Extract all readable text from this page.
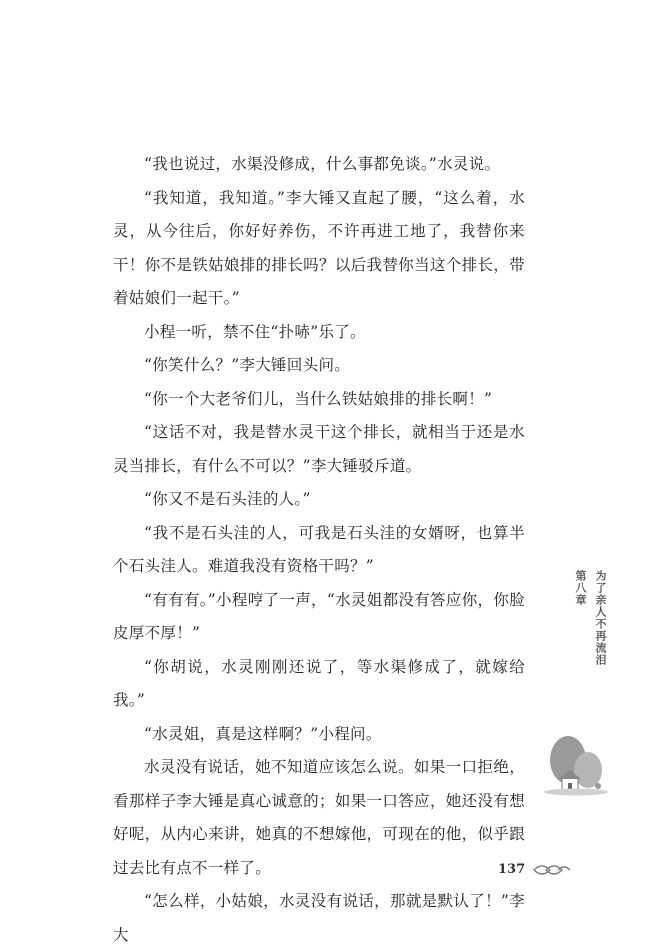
“我也说过，水渠没修成，什么事都免谈。”水灵说。

“我知道，我知道。”李大锤又直起了腰，“这么着，水灵，从今往后，你好好养伤，不许再进工地了，我替你来干！你不是铁姑娘排的排长吗？以后我替你当这个排长，带着姑娘们一起干。”

小程一听，禁不住“扑哧”乐了。

“你笑什么？”李大锤回头问。

“你一个大老爷们儿，当什么铁姑娘排的排长啊！”

“这话不对，我是替水灵干这个排长，就相当于还是水灵当排长，有什么不可以？”李大锤驳斥道。

“你又不是石头洼的人。”

“我不是石头洼的人，可我是石头洼的女婿呀，也算半个石头洼人。难道我没有资格干吗？”

“有有有。”小程哼了一声，“水灵姐都没有答应你，你脸皮厚不厚！”

“你胡说，水灵刚刚还说了，等水渠修成了，就嫁给我。”

“水灵姐，真是这样啊？”小程问。

水灵没有说话，她不知道应该怎么说。如果一口拒绝，看那样子李大锤是真心诚意的；如果一口答应，她还没有想好呢，从内心来讲，她真的不想嫁他，可现在的他，似乎跟过去比有点不一样了。

“怎么样，小姑娘，水灵没有说话，那就是默认了！”李大

第八章 为了亲人不再流泪
137
